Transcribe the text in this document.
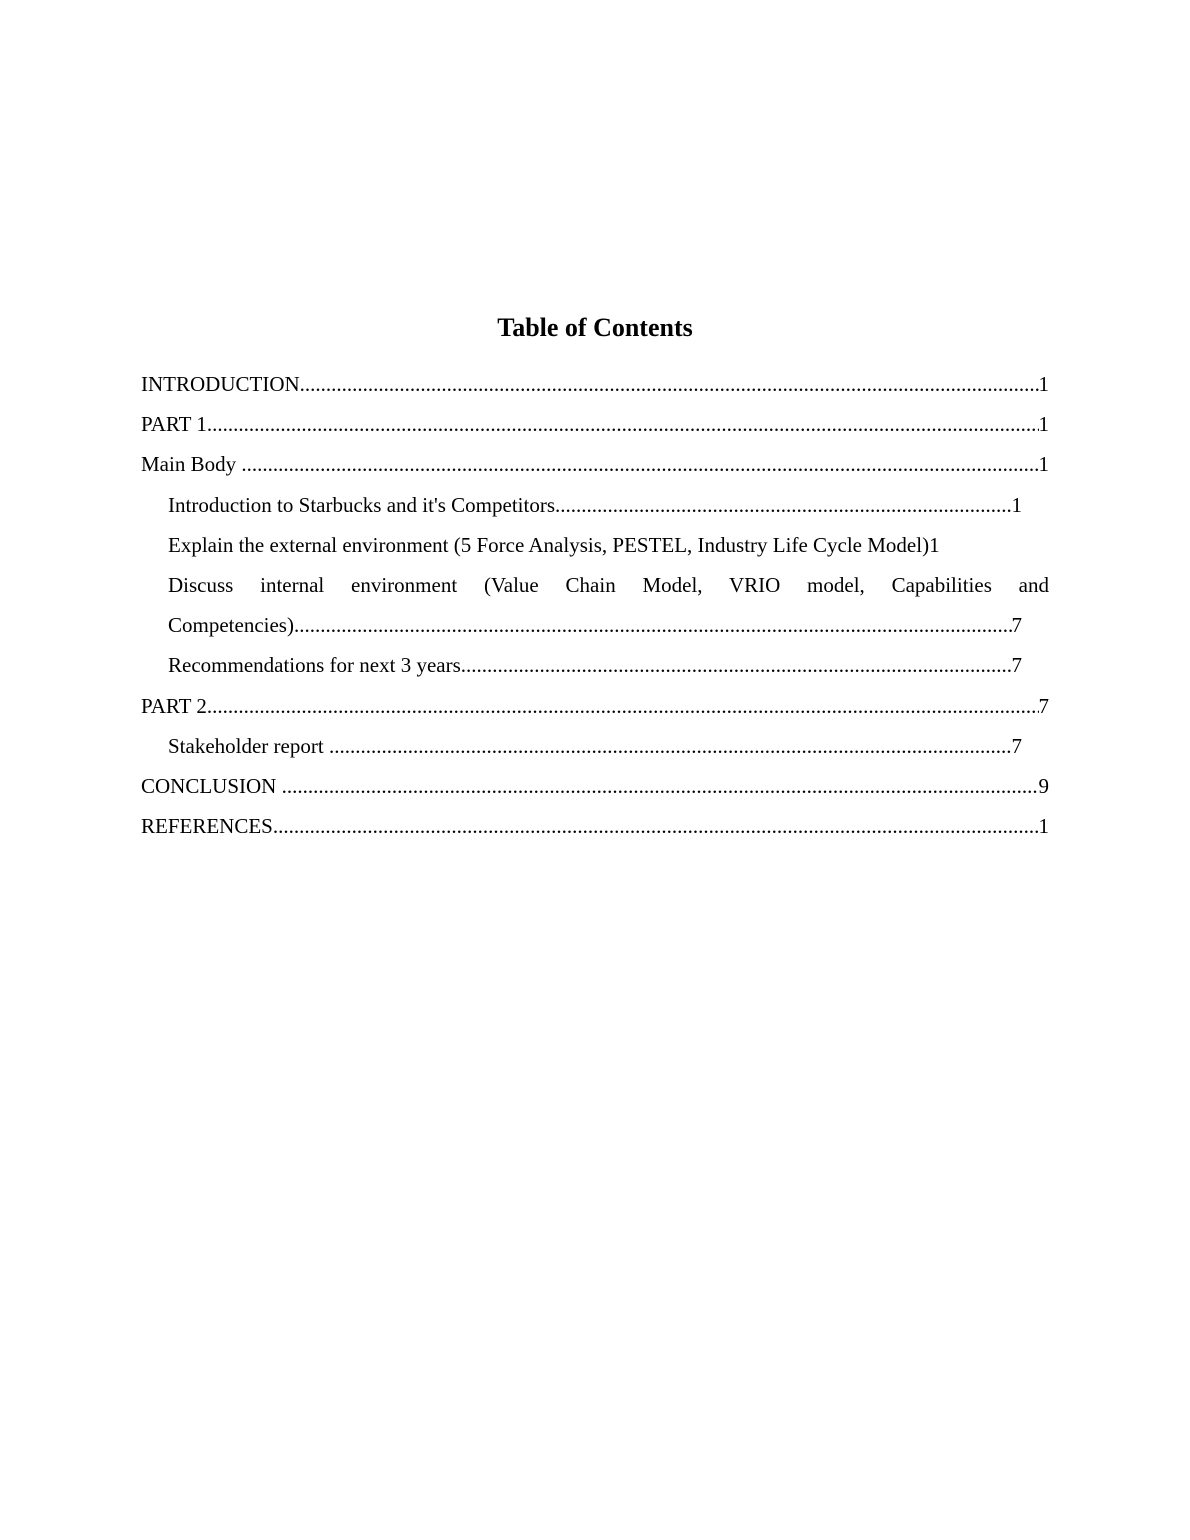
Table of Contents
INTRODUCTION .....	1
PART 1 .....	1
Main Body .....	1
Introduction to Starbucks and it's Competitors .....	1
Explain the external environment (5 Force Analysis, PESTEL, Industry Life Cycle Model) 1
Discuss internal environment (Value Chain Model, VRIO model, Capabilities and
Competencies) .....	7
Recommendations for next 3 years .....	7
PART 2 .....	7
Stakeholder report .....	7
CONCLUSION .....	9
REFERENCES .....	1
